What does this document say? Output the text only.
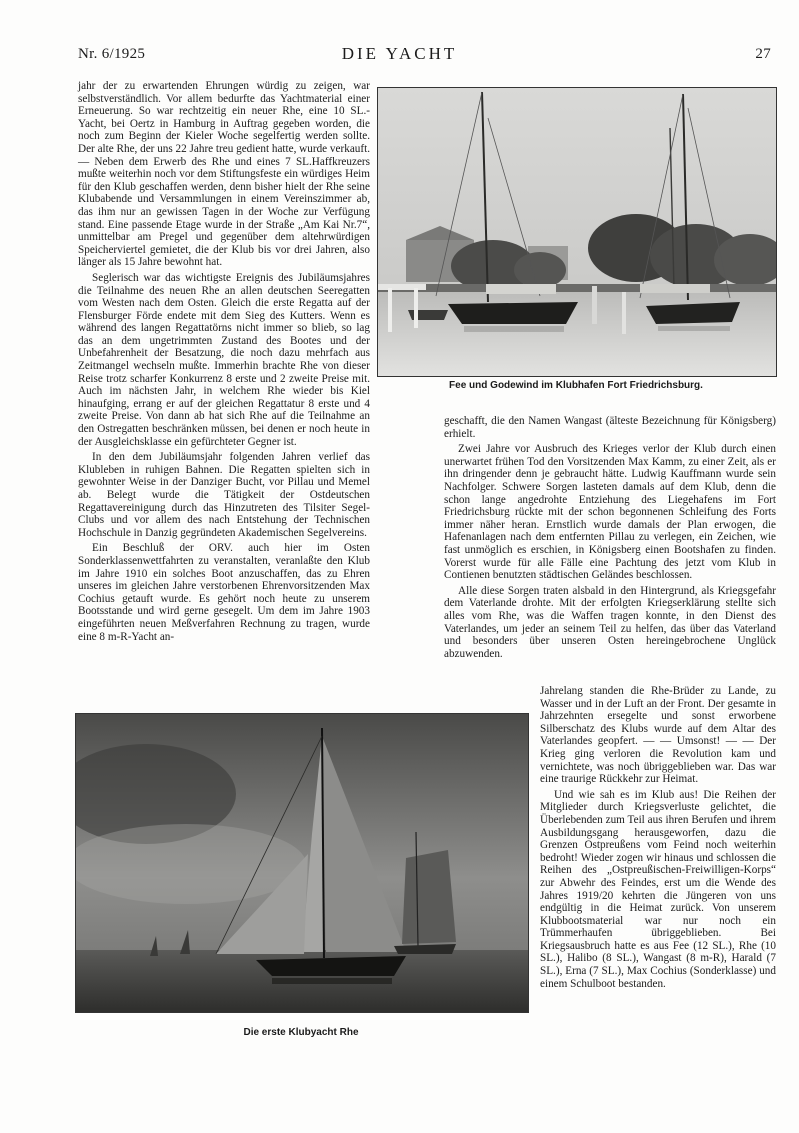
Nr. 6/1925	DIE YACHT	27

jahr der zu erwartenden Ehrungen würdig zu zeigen, war selbstverständlich. Vor allem bedurfte das Yachtmaterial einer Erneuerung. So war rechtzeitig ein neuer Rhe, eine 10 SL.-Yacht, bei Oertz in Hamburg in Auftrag gegeben worden, die noch zum Beginn der Kieler Woche segelfertig werden sollte. Der alte Rhe, der uns 22 Jahre treu gedient hatte, wurde verkauft. — Neben dem Erwerb des Rhe und eines 7 SL.Haffkreuzers mußte weiterhin noch vor dem Stiftungsfeste ein würdiges Heim für den Klub geschaffen werden, denn bisher hielt der Rhe seine Klubabende und Versammlungen in einem Vereinszimmer ab, das ihm nur an gewissen Tagen in der Woche zur Verfügung stand. Eine passende Etage wurde in der Straße „Am Kai Nr.7“, unmittelbar am Pregel und gegenüber dem altehrwürdigen Speicherviertel gemietet, die der Klub bis vor drei Jahren, also länger als 15 Jahre bewohnt hat.

Seglerisch war das wichtigste Ereignis des Jubiläumsjahres die Teilnahme des neuen Rhe an allen deutschen Seeregatten vom Westen nach dem Osten. Gleich die erste Regatta auf der Flensburger Förde endete mit dem Sieg des Kutters. Wenn es während des langen Regattatörns nicht immer so blieb, so lag das an dem ungetrimmten Zustand des Bootes und der Unbefahrenheit der Besatzung, die noch dazu mehrfach aus Zeitmangel wechseln mußte. Immerhin brachte Rhe von dieser Reise trotz scharfer Konkurrenz 8 erste und 2 zweite Preise mit. Auch im nächsten Jahr, in welchem Rhe wieder bis Kiel hinaufging, errang er auf der gleichen Regattatur 8 erste und 4 zweite Preise. Von dann ab hat sich Rhe auf die Teilnahme an den Ostregatten beschränken müssen, bei denen er noch heute in der Ausgleichsklasse ein gefürchteter Gegner ist.

In den dem Jubiläumsjahr folgenden Jahren verlief das Klubleben in ruhigen Bahnen. Die Regatten spielten sich in gewohnter Weise in der Danziger Bucht, vor Pillau und Memel ab. Belegt wurde die Tätigkeit der Ostdeutschen Regattavereinigung durch das Hinzutreten des Tilsiter Segel-Clubs und vor allem des nach Entstehung der Technischen Hochschule in Danzig gegründeten Akademischen Segelvereins.

Ein Beschluß der ORV. auch hier im Osten Sonderklassenwettfahrten zu veranstalten, veranlaßte den Klub im Jahre 1910 ein solches Boot anzuschaffen, das zu Ehren unseres im gleichen Jahre verstorbenen Ehrenvorsitzenden Max Cochius getauft wurde. Es gehört noch heute zu unserem Bootsstande und wird gerne gesegelt. Um dem im Jahre 1903 eingeführten neuen Meßverfahren Rechnung zu tragen, wurde eine 8 m-R-Yacht an-

Fee und Godewind im Klubhafen Fort Friedrichsburg.

geschafft, die den Namen Wangast (älteste Bezeichnung für Königsberg) erhielt.

Zwei Jahre vor Ausbruch des Krieges verlor der Klub durch einen unerwartet frühen Tod den Vorsitzenden Max Kamm, zu einer Zeit, als er ihn dringender denn je gebraucht hätte. Ludwig Kauffmann wurde sein Nachfolger. Schwere Sorgen lasteten damals auf dem Klub, denn die schon lange angedrohte Entziehung des Liegehafens im Fort Friedrichsburg rückte mit der schon begonnenen Schleifung des Forts immer näher heran. Ernstlich wurde damals der Plan erwogen, die Hafenanlagen nach dem entfernten Pillau zu verlegen, ein Zeichen, wie fast unmöglich es erschien, in Königsberg einen Bootshafen zu finden. Vorerst wurde für alle Fälle eine Pachtung des jetzt vom Klub in Contienen benutzten städtischen Geländes beschlossen.

Alle diese Sorgen traten alsbald in den Hintergrund, als Kriegsgefahr dem Vaterlande drohte. Mit der erfolgten Kriegserklärung stellte sich alles vom Rhe, was die Waffen tragen konnte, in den Dienst des Vaterlandes, um jeder an seinem Teil zu helfen, das über das Vaterland und besonders über unseren Osten hereingebrochene Unglück abzuwenden.

Jahrelang standen die Rhe-Brüder zu Lande, zu Wasser und in der Luft an der Front. Der gesamte in Jahrzehnten ersegelte und sonst erworbene Silberschatz des Klubs wurde auf dem Altar des Vaterlandes geopfert. — — Umsonst! — — Der Krieg ging verloren die Revolution kam und vernichtete, was noch übriggeblieben war. Das war eine traurige Rückkehr zur Heimat.

Und wie sah es im Klub aus! Die Reihen der Mitglieder durch Kriegsverluste gelichtet, die Überlebenden zum Teil aus ihren Berufen und ihrem Ausbildungsgang herausgeworfen, dazu die Grenzen Ostpreußens vom Feind noch weiterhin bedroht! Wieder zogen wir hinaus und schlossen die Reihen des „Ostpreußischen-Freiwilligen-Korps“ zur Abwehr des Feindes, erst um die Wende des Jahres 1919/20 kehrten die Jüngeren von uns endgültig in die Heimat zurück. Von unserem Klubbootsmaterial war nur noch ein Trümmerhaufen übriggeblieben. Bei Kriegsausbruch hatte es aus Fee (12 SL.), Rhe (10 SL.), Halibo (8 SL.), Wangast (8 m-R), Harald (7 SL.), Erna (7 SL.), Max Cochius (Sonderklasse) und einem Schulboot bestanden.

Die erste Klubyacht Rhe
